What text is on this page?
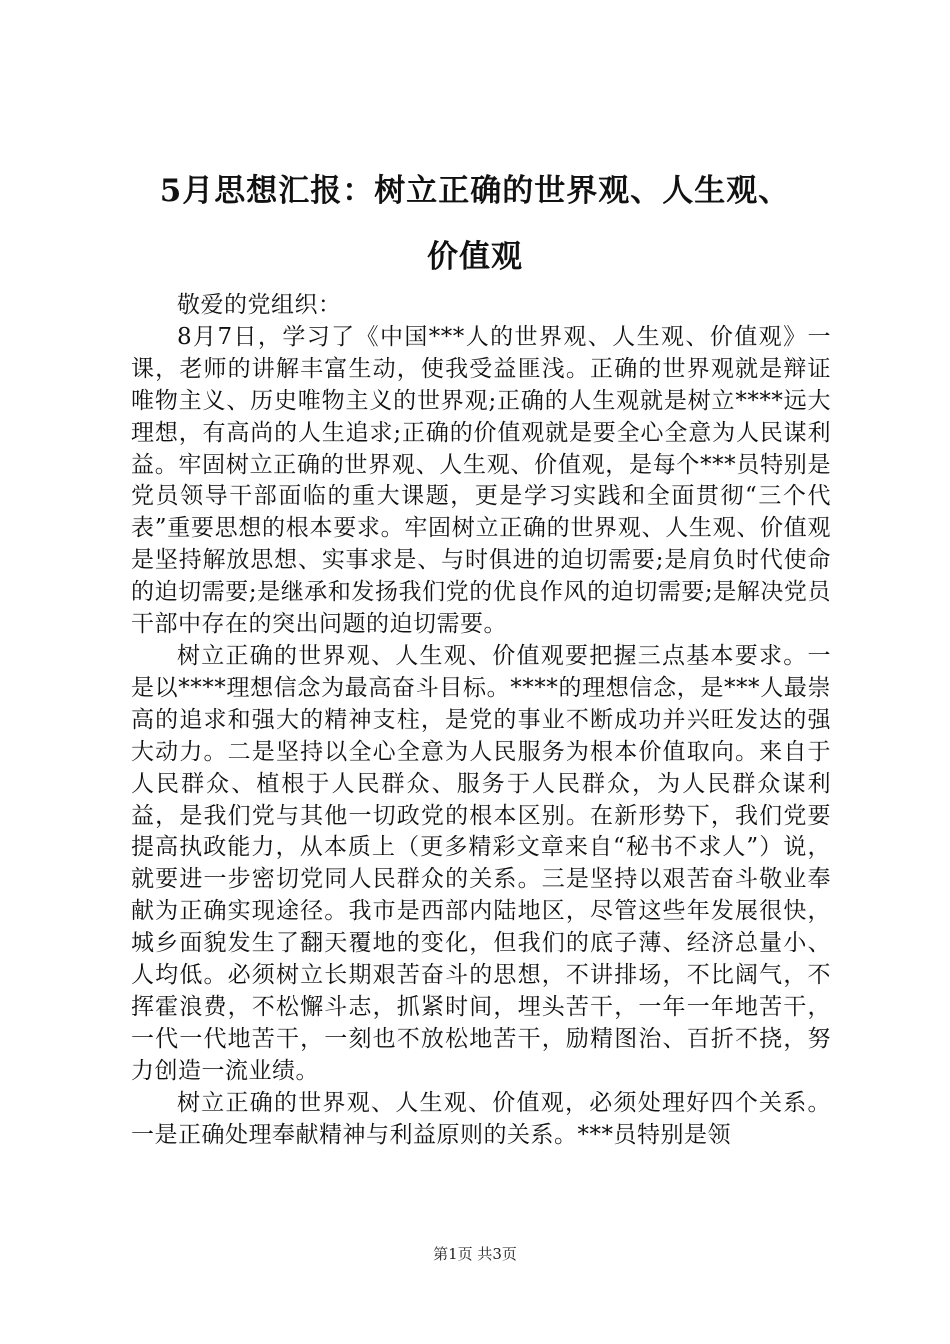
5月思想汇报：树立正确的世界观、人生观、
价值观

敬爱的党组织：

8月7日，学习了《中国***人的世界观、人生观、价值观》一课，老师的讲解丰富生动，使我受益匪浅。正确的世界观就是辩证唯物主义、历史唯物主义的世界观;正确的人生观就是树立****远大理想，有高尚的人生追求;正确的价值观就是要全心全意为人民谋利益。牢固树立正确的世界观、人生观、价值观，是每个***员特别是党员领导干部面临的重大课题，更是学习实践和全面贯彻“三个代表”重要思想的根本要求。牢固树立正确的世界观、人生观、价值观是坚持解放思想、实事求是、与时俱进的迫切需要;是肩负时代使命的迫切需要;是继承和发扬我们党的优良作风的迫切需要;是解决党员干部中存在的突出问题的迫切需要。

树立正确的世界观、人生观、价值观要把握三点基本要求。一是以****理想信念为最高奋斗目标。****的理想信念，是***人最崇高的追求和强大的精神支柱，是党的事业不断成功并兴旺发达的强大动力。二是坚持以全心全意为人民服务为根本价值取向。来自于人民群众、植根于人民群众、服务于人民群众，为人民群众谋利益，是我们党与其他一切政党的根本区别。在新形势下，我们党要提高执政能力，从本质上（更多精彩文章来自“秘书不求人”）说，就要进一步密切党同人民群众的关系。三是坚持以艰苦奋斗敬业奉献为正确实现途径。我市是西部内陆地区，尽管这些年发展很快，城乡面貌发生了翻天覆地的变化，但我们的底子薄、经济总量小、人均低。必须树立长期艰苦奋斗的思想，不讲排场，不比阔气，不挥霍浪费，不松懈斗志，抓紧时间，埋头苦干，一年一年地苦干，一代一代地苦干，一刻也不放松地苦干，励精图治、百折不挠，努力创造一流业绩。

树立正确的世界观、人生观、价值观，必须处理好四个关系。一是正确处理奉献精神与利益原则的关系。***员特别是领

第1页 共3页
